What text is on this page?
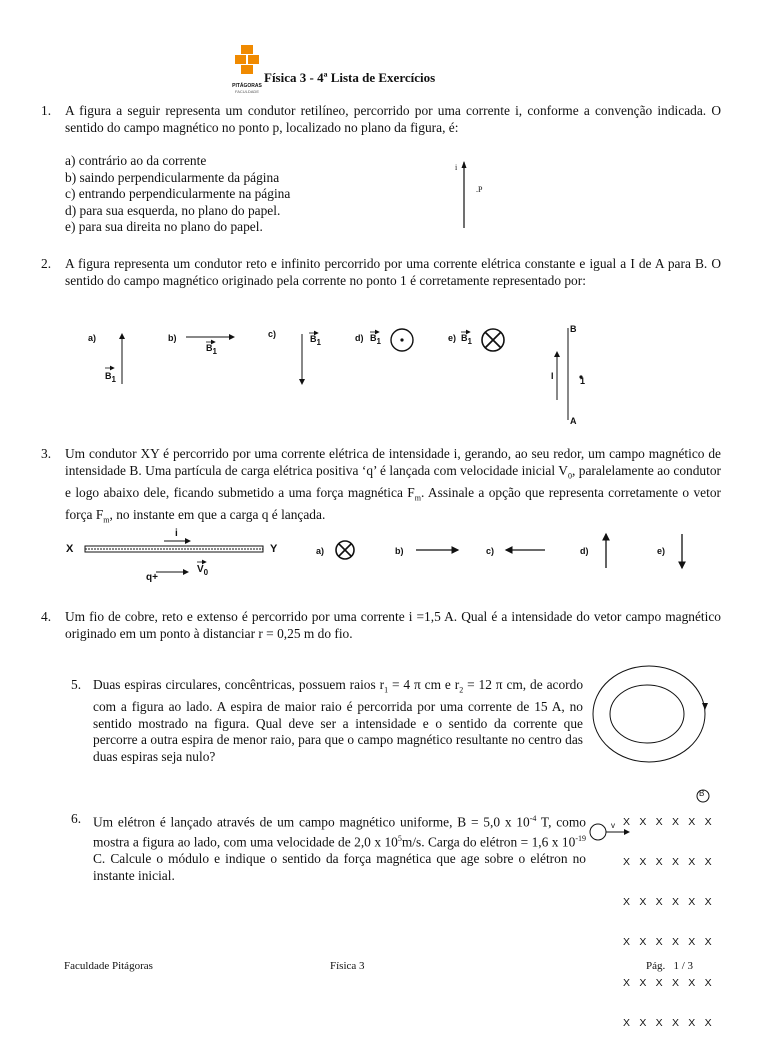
PITÁGORAS
FACULDADE
Física 3 - 4ª Lista de Exercícios
1. A figura a seguir representa um condutor retilíneo, percorrido por uma corrente i, conforme a convenção indicada. O sentido do campo magnético no ponto p, localizado no plano da figura, é:
a) contrário ao da corrente
b) saindo perpendicularmente da página
c) entrando perpendicularmente na página
d) para sua esquerda, no plano do papel.
e) para sua direita no plano do papel.
i
.P
2. A figura representa um condutor reto e infinito percorrido por uma corrente elétrica constante e igual a I de A para B. O sentido do campo magnético originado pela corrente no ponto 1 é corretamente representado por:
a)	b)	c)	d)	e)
$B_1$
$B_1$
$B_1$	$B_1$	$B_1$
B
A
I	1
3. Um condutor XY é percorrido por uma corrente elétrica de intensidade i, gerando, ao seu redor, um campo magnético de intensidade B. Uma partícula de carga elétrica positiva ‘q’ é lançada com velocidade inicial $V_0$, paralelamente ao condutor e logo abaixo dele, ficando submetido a uma força magnética $F_m$. Assinale a opção que representa corretamente o vetor força $F_m$, no instante em que a carga q é lançada.
X	Y
i
q+
$V_0$
a)	b)	c)	d)	e)
4. Um fio de cobre, reto e extenso é percorrido por uma corrente i =1,5 A. Qual é a intensidade do vetor campo magnético originado em um ponto à distanciar r = 0,25 m do fio.
5. Duas espiras circulares, concêntricas, possuem raios $r_1 = 4$ π cm e $r_2 = 12$ π cm, de acordo com a figura ao lado. A espira de maior raio é percorrida por uma corrente de 15 A, no sentido mostrado na figura. Qual deve ser a intensidade e o sentido da corrente que percorre a outra espira de menor raio, para que o campo magnético resultante no centro das duas espiras seja nulo?
6. Um elétron é lançado através de um campo magnético uniforme, B = 5,0 x $10^{-4}$ T, como mostra a figura ao lado, com uma velocidade de 2,0 x $10^5m/s$. Carga do elétron = 1,6 x $10^{-19}$ C. Calcule o módulo e indique o sentido da força magnética que age sobre o elétron no instante inicial.

X X X X X X

X X X X X X

X X X X X X

X X X X X X

X X X X X X

X X X X X X

B
v
Faculdade Pitágoras	Física 3	Pág.   1 / 3
